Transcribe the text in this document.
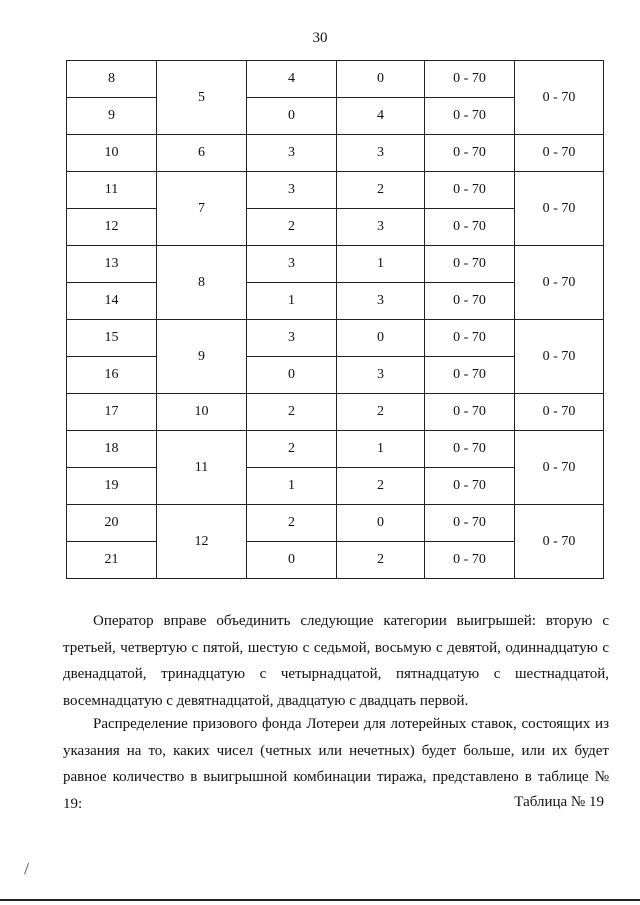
30
8	5	4	0	0 - 70	0 - 70
9		0	4	0 - 70	
10	6	3	3	0 - 70	0 - 70
11	7	3	2	0 - 70	0 - 70
12		2	3	0 - 70	
13	8	3	1	0 - 70	0 - 70
14		1	3	0 - 70	
15	9	3	0	0 - 70	0 - 70
16		0	3	0 - 70	
17	10	2	2	0 - 70	0 - 70
18	11	2	1	0 - 70	0 - 70
19		1	2	0 - 70	
20	12	2	0	0 - 70	0 - 70
21		0	2	0 - 70	

Оператор вправе объединить следующие категории выигрышей: вторую с третьей, четвертую с пятой, шестую с седьмой, восьмую с девятой, одиннадцатую с двенадцатой, тринадцатую с четырнадцатой, пятнадцатую с шестнадцатой, восемнадцатую с девятнадцатой, двадцатую с двадцать первой.

Распределение призового фонда Лотереи для лотерейных ставок, состоящих из указания на то, каких чисел (четных или нечетных) будет больше, или их будет равное количество в выигрышной комбинации тиража, представлено в таблице № 19:	Таблица № 19
